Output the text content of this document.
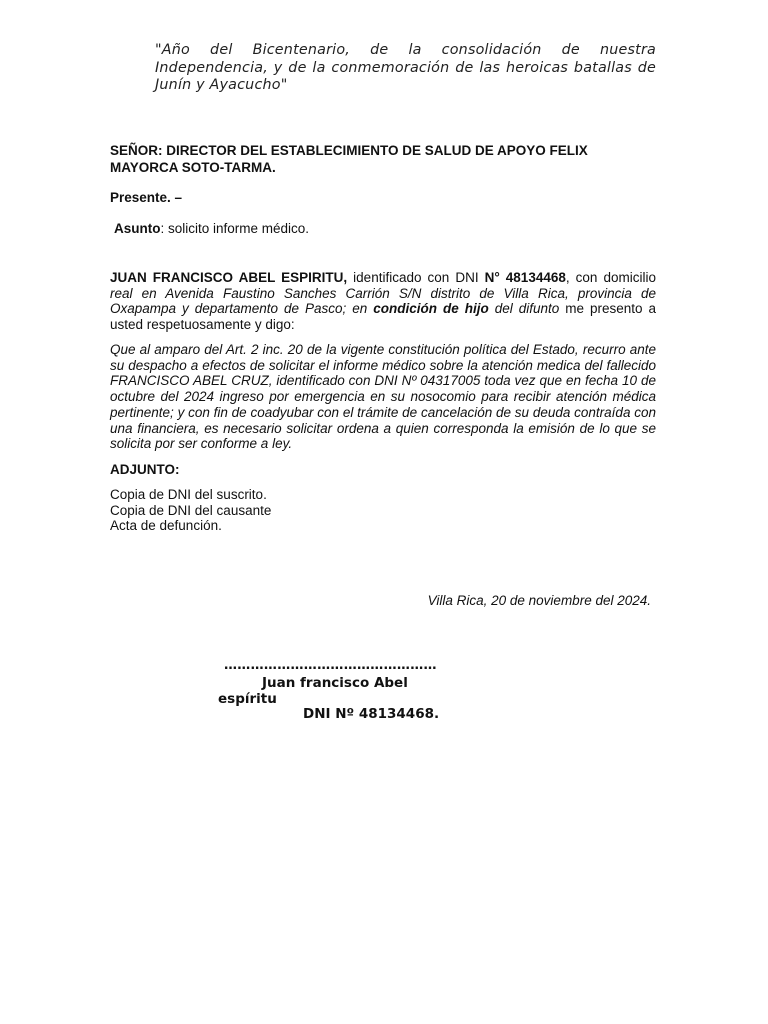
"Año del Bicentenario, de la consolidación de nuestra Independencia, y de la conmemoración de las heroicas batallas de Junín y Ayacucho"
SEÑOR: DIRECTOR DEL ESTABLECIMIENTO DE SALUD DE APOYO FELIX MAYORCA SOTO-TARMA.
Presente. –
Asunto: solicito informe médico.
JUAN FRANCISCO ABEL ESPIRITU, identificado con DNI N° 48134468, con domicilio real en Avenida Faustino Sanches Carrión S/N distrito de Villa Rica, provincia de Oxapampa y departamento de Pasco; en condición de hijo del difunto me presento a usted respetuosamente y digo:
Que al amparo del Art. 2 inc. 20 de la vigente constitución política del Estado, recurro ante su despacho a efectos de solicitar el informe médico sobre la atención medica del fallecido FRANCISCO ABEL CRUZ, identificado con DNI Nº 04317005 toda vez que en fecha 10 de octubre del 2024 ingreso por emergencia en su nosocomio para recibir atención médica pertinente; y con fin de coadyubar con el trámite de cancelación de su deuda contraída con una financiera, es necesario solicitar ordena a quien corresponda la emisión de lo que se solicita por ser conforme a ley.
ADJUNTO:
Copia de DNI del suscrito.
Copia de DNI del causante
Acta de defunción.
Villa Rica, 20 de noviembre del 2024.
…………………………………………
Juan francisco Abel espíritu
DNI Nº 48134468.
